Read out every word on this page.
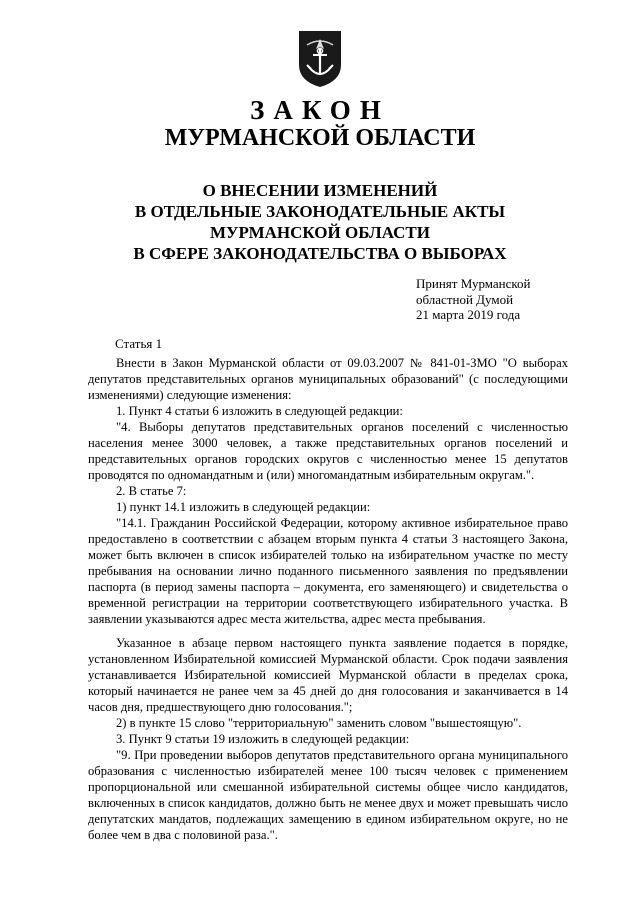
ЗАКОН
МУРМАНСКОЙ ОБЛАСТИ
О ВНЕСЕНИИ ИЗМЕНЕНИЙ
В ОТДЕЛЬНЫЕ ЗАКОНОДАТЕЛЬНЫЕ АКТЫ
МУРМАНСКОЙ ОБЛАСТИ
В СФЕРЕ ЗАКОНОДАТЕЛЬСТВА О ВЫБОРАХ
Принят Мурманской
областной Думой
21 марта 2019 года
Статья 1

Внести в Закон Мурманской области от 09.03.2007 № 841-01-ЗМО "О выборах депутатов представительных органов муниципальных образований" (с последующими изменениями) следующие изменения:

1. Пункт 4 статьи 6 изложить в следующей редакции:

"4. Выборы депутатов представительных органов поселений с численностью населения менее 3000 человек, а также представительных органов поселений и представительных органов городских округов с численностью менее 15 депутатов проводятся по одномандатным и (или) многомандатным избирательным округам.".

2. В статье 7:

1) пункт 14.1 изложить в следующей редакции:

"14.1. Гражданин Российской Федерации, которому активное избирательное право предоставлено в соответствии с абзацем вторым пункта 4 статьи 3 настоящего Закона, может быть включен в список избирателей только на избирательном участке по месту пребывания на основании лично поданного письменного заявления по предъявлении паспорта (в период замены паспорта – документа, его заменяющего) и свидетельства о временной регистрации на территории соответствующего избирательного участка. В заявлении указываются адрес места жительства, адрес места пребывания.

Указанное в абзаце первом настоящего пункта заявление подается в порядке, установленном Избирательной комиссией Мурманской области. Срок подачи заявления устанавливается Избирательной комиссией Мурманской области в пределах срока, который начинается не ранее чем за 45 дней до дня голосования и заканчивается в 14 часов дня, предшествующего дню голосования.";

2) в пункте 15 слово "территориальную" заменить словом "вышестоящую".

3. Пункт 9 статьи 19 изложить в следующей редакции:

"9. При проведении выборов депутатов представительного органа муниципального образования с численностью избирателей менее 100 тысяч человек с применением пропорциональной или смешанной избирательной системы общее число кандидатов, включенных в список кандидатов, должно быть не менее двух и может превышать число депутатских мандатов, подлежащих замещению в едином избирательном округе, но не более чем в два с половиной раза.".
